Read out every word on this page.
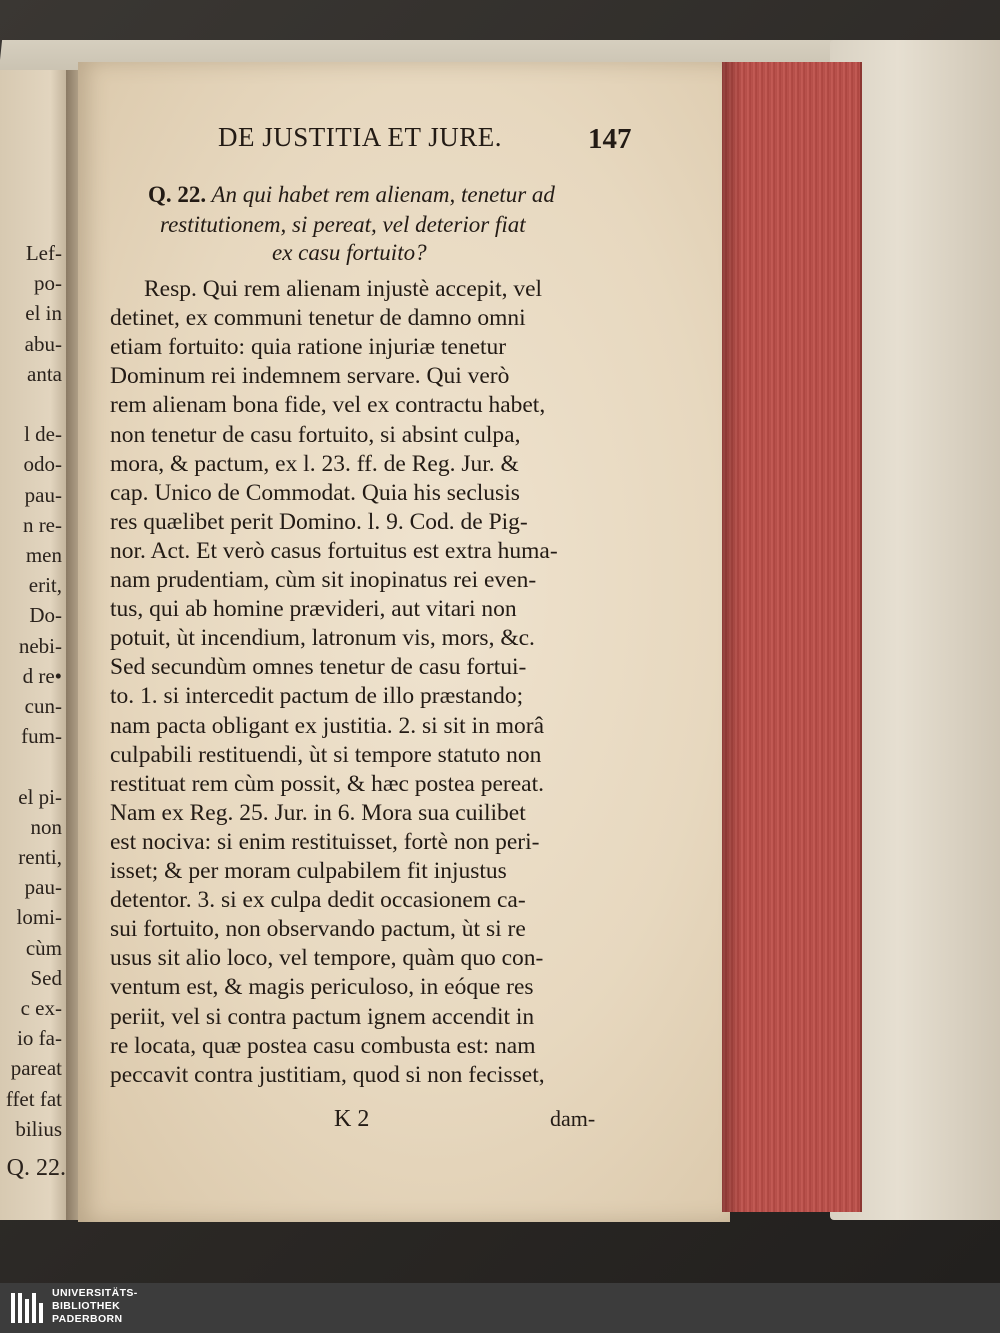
Lef-
po-
el in
abu-
anta

l de-
odo-
pau-
n re-
men
erit,
Do-
nebi-
d re•
cun-
fum-

el pi-
non
renti,
pau-
lomi-
cùm
Sed
c ex-
io fa-
pareat
ffet fat
bilius
Q. 22.
DE JUSTITIA ET JURE.	147
Q. 22. An qui habet rem alienam, tenetur ad
restitutionem, si pereat, vel deterior fiat
ex casu fortuito?
Resp. Qui rem alienam injustè accepit, vel
detinet, ex communi tenetur de damno omni
etiam fortuito: quia ratione injuriæ tenetur
Dominum rei indemnem servare. Qui verò
rem alienam bona fide, vel ex contractu habet,
non tenetur de casu fortuito, si absint culpa,
mora, & pactum, ex l. 23. ff. de Reg. Jur. &
cap. Unico de Commodat. Quia his seclusis
res quælibet perit Domino. l. 9. Cod. de Pig-
nor. Act. Et verò casus fortuitus est extra huma-
nam prudentiam, cùm sit inopinatus rei even-
tus, qui ab homine prævideri, aut vitari non
potuit, ùt incendium, latronum vis, mors, &c.
Sed secundùm omnes tenetur de casu fortui-
to. 1. si intercedit pactum de illo præstando;
nam pacta obligant ex justitia. 2. si sit in morâ
culpabili restituendi, ùt si tempore statuto non
restituat rem cùm possit, & hæc postea pereat.
Nam ex Reg. 25. Jur. in 6. Mora sua cuilibet
est nociva: si enim restituisset, fortè non peri-
isset; & per moram culpabilem fit injustus
detentor. 3. si ex culpa dedit occasionem ca-
sui fortuito, non observando pactum, ùt si re
usus sit alio loco, vel tempore, quàm quo con-
ventum est, & magis periculoso, in eóque res
periit, vel si contra pactum ignem accendit in
re locata, quæ postea casu combusta est: nam
peccavit contra justitiam, quod si non fecisset,
K 2	dam-
UNIVERSITÄTS-
BIBLIOTHEK
PADERBORN
